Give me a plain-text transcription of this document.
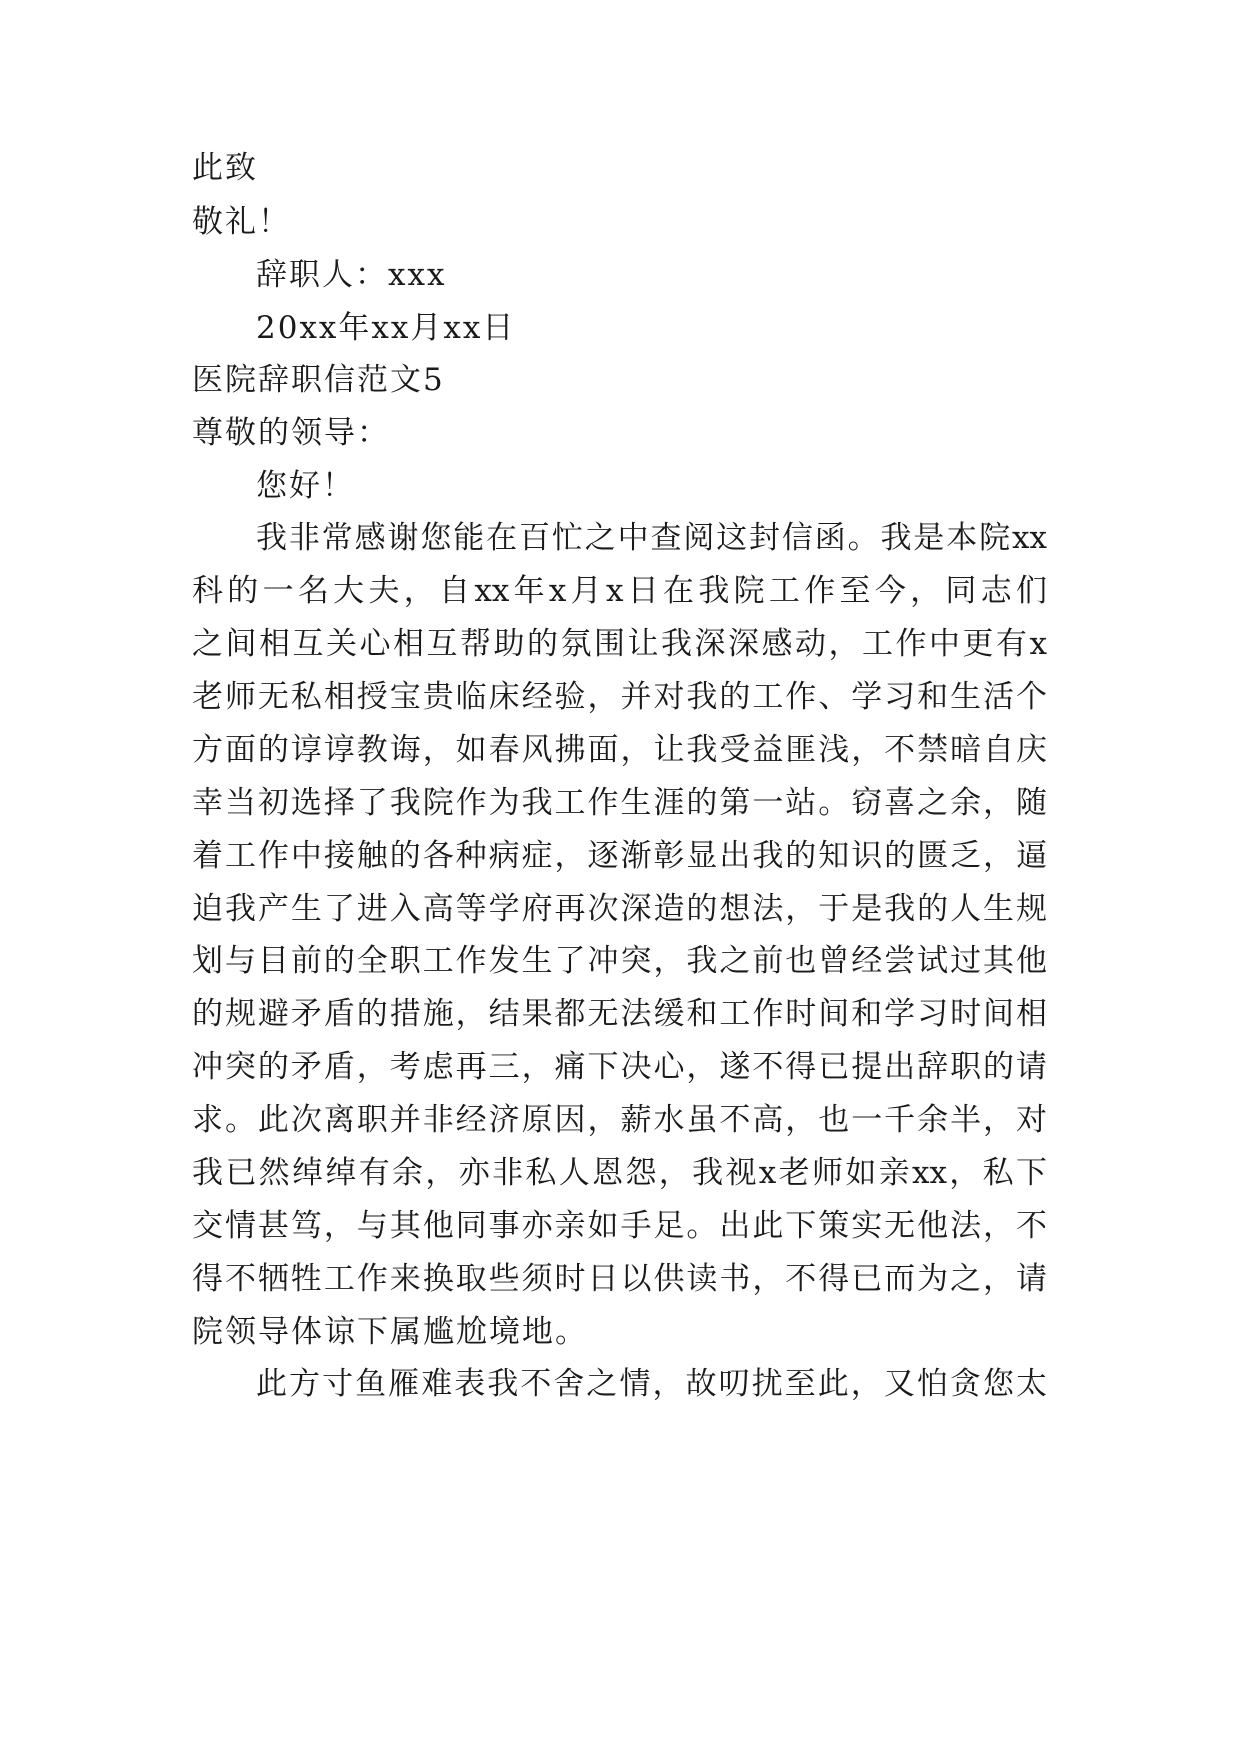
此致
敬礼！
辞职人：xxx
20xx年xx月xx日
医院辞职信范文5
尊敬的领导：
您好！
我非常感谢您能在百忙之中查阅这封信函。我是本院xx
科的一名大夫，自xx年x月x日在我院工作至今，同志们
之间相互关心相互帮助的氛围让我深深感动，工作中更有x
老师无私相授宝贵临床经验，并对我的工作、学习和生活个
方面的谆谆教诲，如春风拂面，让我受益匪浅，不禁暗自庆
幸当初选择了我院作为我工作生涯的第一站。窃喜之余，随
着工作中接触的各种病症，逐渐彰显出我的知识的匮乏，逼
迫我产生了进入高等学府再次深造的想法，于是我的人生规
划与目前的全职工作发生了冲突，我之前也曾经尝试过其他
的规避矛盾的措施，结果都无法缓和工作时间和学习时间相
冲突的矛盾，考虑再三，痛下决心，遂不得已提出辞职的请
求。此次离职并非经济原因，薪水虽不高，也一千余半，对
我已然绰绰有余，亦非私人恩怨，我视x老师如亲xx，私下
交情甚笃，与其他同事亦亲如手足。出此下策实无他法，不
得不牺牲工作来换取些须时日以供读书，不得已而为之，请
院领导体谅下属尴尬境地。
此方寸鱼雁难表我不舍之情，故叨扰至此，又怕贪您太
